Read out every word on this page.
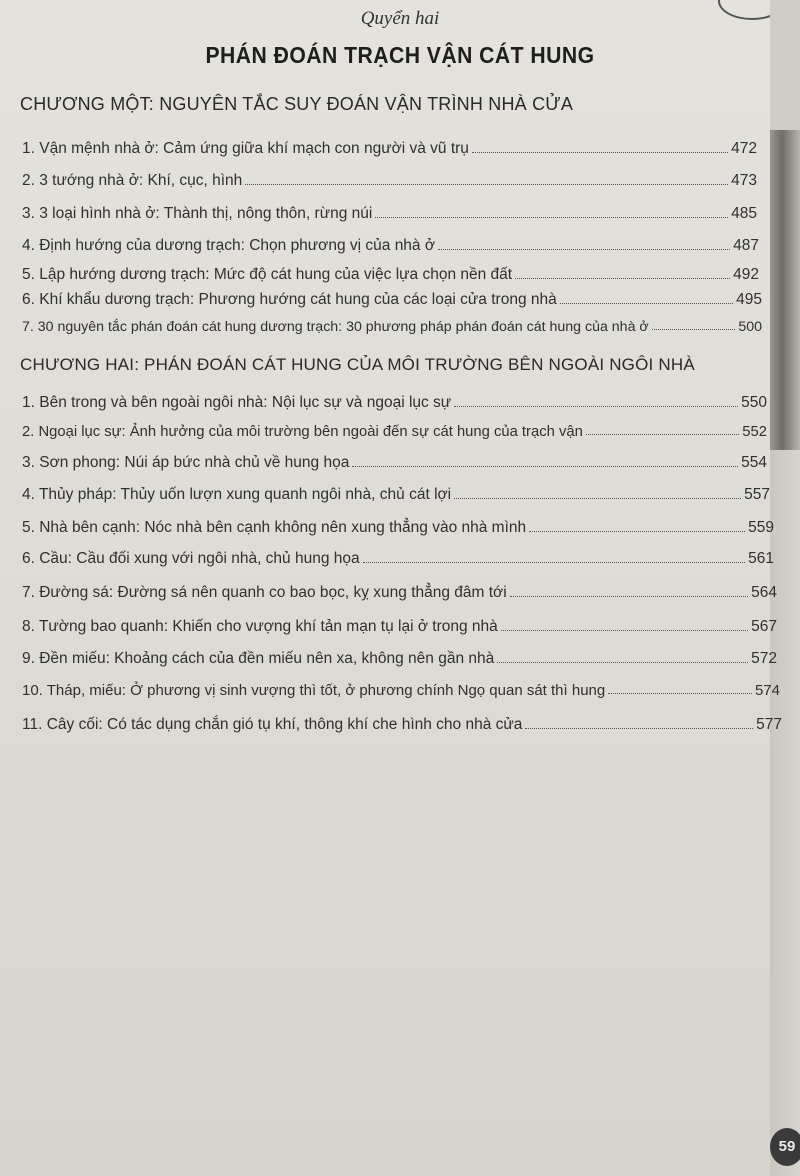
Quyển hai
PHÁN ĐOÁN TRẠCH VẬN CÁT HUNG
CHƯƠNG MỘT: NGUYÊN TẮC SUY ĐOÁN VẬN TRÌNH NHÀ CỬA
1. Vận mệnh nhà ở: Cảm ứng giữa khí mạch con người và vũ trụ	472
2. 3 tướng nhà ở: Khí, cục, hình	473
3. 3 loại hình nhà ở: Thành thị, nông thôn, rừng núi	485
4. Định hướng của dương trạch: Chọn phương vị của nhà ở	487
5. Lập hướng dương trạch: Mức độ cát hung của việc lựa chọn nền đất	492
6. Khí khẩu dương trạch: Phương hướng cát hung của các loại cửa trong nhà	495
7. 30 nguyên tắc phán đoán cát hung dương trạch: 30 phương pháp phán đoán cát hung của nhà ở	500
CHƯƠNG HAI: PHÁN ĐOÁN CÁT HUNG CỦA MÔI TRƯỜNG BÊN NGOÀI NGÔI NHÀ
1. Bên trong và bên ngoài ngôi nhà: Nội lục sự và ngoại lục sự	550
2. Ngoại lục sự: Ảnh hưởng của môi trường bên ngoài đến sự cát hung của trạch vận	552
3. Sơn phong: Núi áp bức nhà chủ về hung họa	554
4. Thủy pháp: Thủy uốn lượn xung quanh ngôi nhà, chủ cát lợi	557
5. Nhà bên cạnh: Nóc nhà bên cạnh không nên xung thẳng vào nhà mình	559
6. Cầu: Cầu đối xung với ngôi nhà, chủ hung họa	561
7. Đường sá: Đường sá nên quanh co bao bọc, kỵ xung thẳng đâm tới	564
8. Tường bao quanh: Khiến cho vượng khí tản mạn tụ lại ở trong nhà	567
9. Đền miếu: Khoảng cách của đền miếu nên xa, không nên gần nhà	572
10. Tháp, miếu: Ở phương vị sinh vượng thì tốt, ở phương chính Ngọ quan sát thì hung	574
11. Cây cối: Có tác dụng chắn gió tụ khí, thông khí che hình cho nhà cửa	577
59
